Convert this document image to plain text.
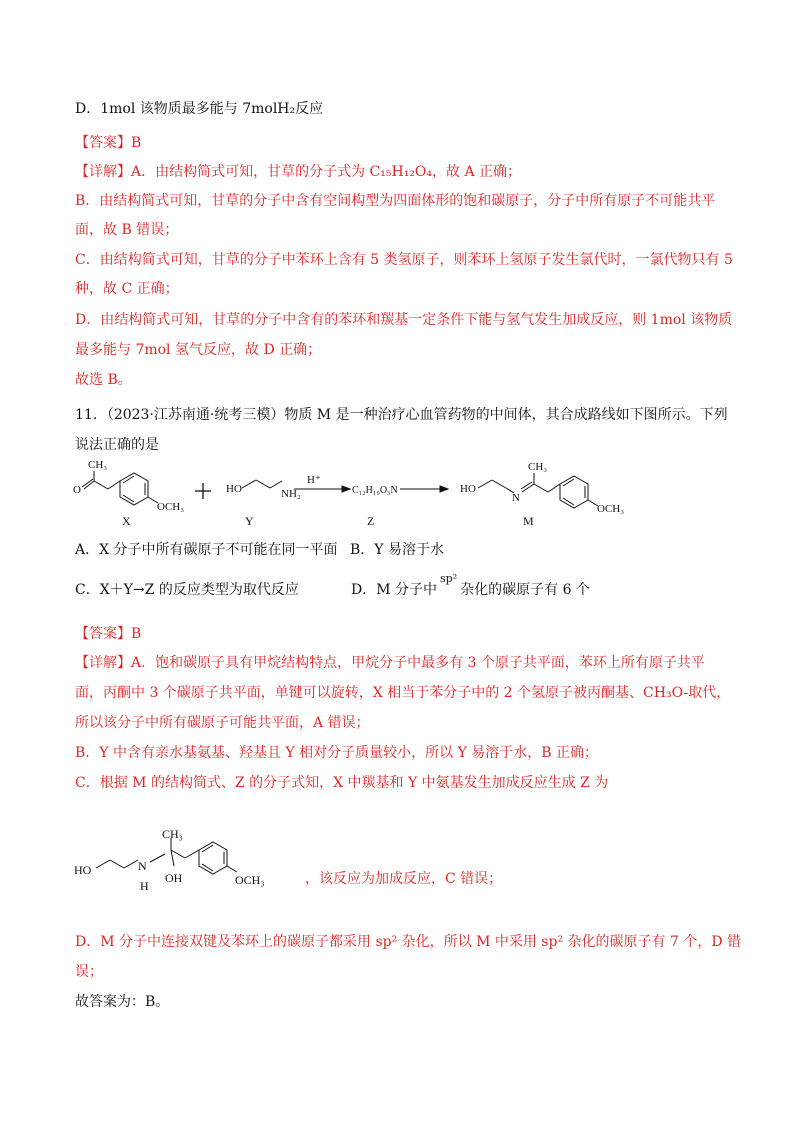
D．1mol 该物质最多能与 7molH₂反应
【答案】B
【详解】A．由结构简式可知，甘草的分子式为 C₁₅H₁₂O₄，故 A 正确；
B．由结构简式可知，甘草的分子中含有空间构型为四面体形的饱和碳原子，分子中所有原子不可能共平
面，故 B 错误；
C．由结构简式可知，甘草的分子中苯环上含有 5 类氢原子，则苯环上氢原子发生氯代时，一氯代物只有 5
种，故 C 正确；
D．由结构简式可知，甘草的分子中含有的苯环和羰基一定条件下能与氢气发生加成反应，则 1mol 该物质
最多能与 7mol 氢气反应，故 D 正确；
故选 B。
11．（2023·江苏南通·统考三模）物质 M 是一种治疗心血管药物的中间体，其合成路线如下图所示。下列
说法正确的是
CH₃
O
OCH₃
HO	NH₂
H⁺
C₁₂H₁₉O₃N	HO
N
CH₃
OCH₃
X	Y	Z	M
A．X 分子中所有碳原子不可能在同一平面 B．Y 易溶于水
C．X＋Y→Z 的反应类型为取代反应	D．M 分子中$^{sp^2}$杂化的碳原子有 6 个
【答案】B
【详解】A．饱和碳原子具有甲烷结构特点，甲烷分子中最多有 3 个原子共平面，苯环上所有原子共平
面，丙酮中 3 个碳原子共平面，单键可以旋转，X 相当于苯分子中的 2 个氢原子被丙酮基、CH₃O-取代，
所以该分子中所有碳原子可能共平面，A 错误；
B．Y 中含有亲水基氨基、羟基且 Y 相对分子质量较小，所以 Y 易溶于水，B 正确；
C．根据 M 的结构简式、Z 的分子式知，X 中羰基和 Y 中氨基发生加成反应生成 Z 为
HO	N
H
CH₃
OH	OCH₃	，该反应为加成反应，C 错误；
D．M 分子中连接双键及苯环上的碳原子都采用 sp² 杂化，所以 M 中采用 sp² 杂化的碳原子有 7 个，D 错
误；
故答案为：B。
